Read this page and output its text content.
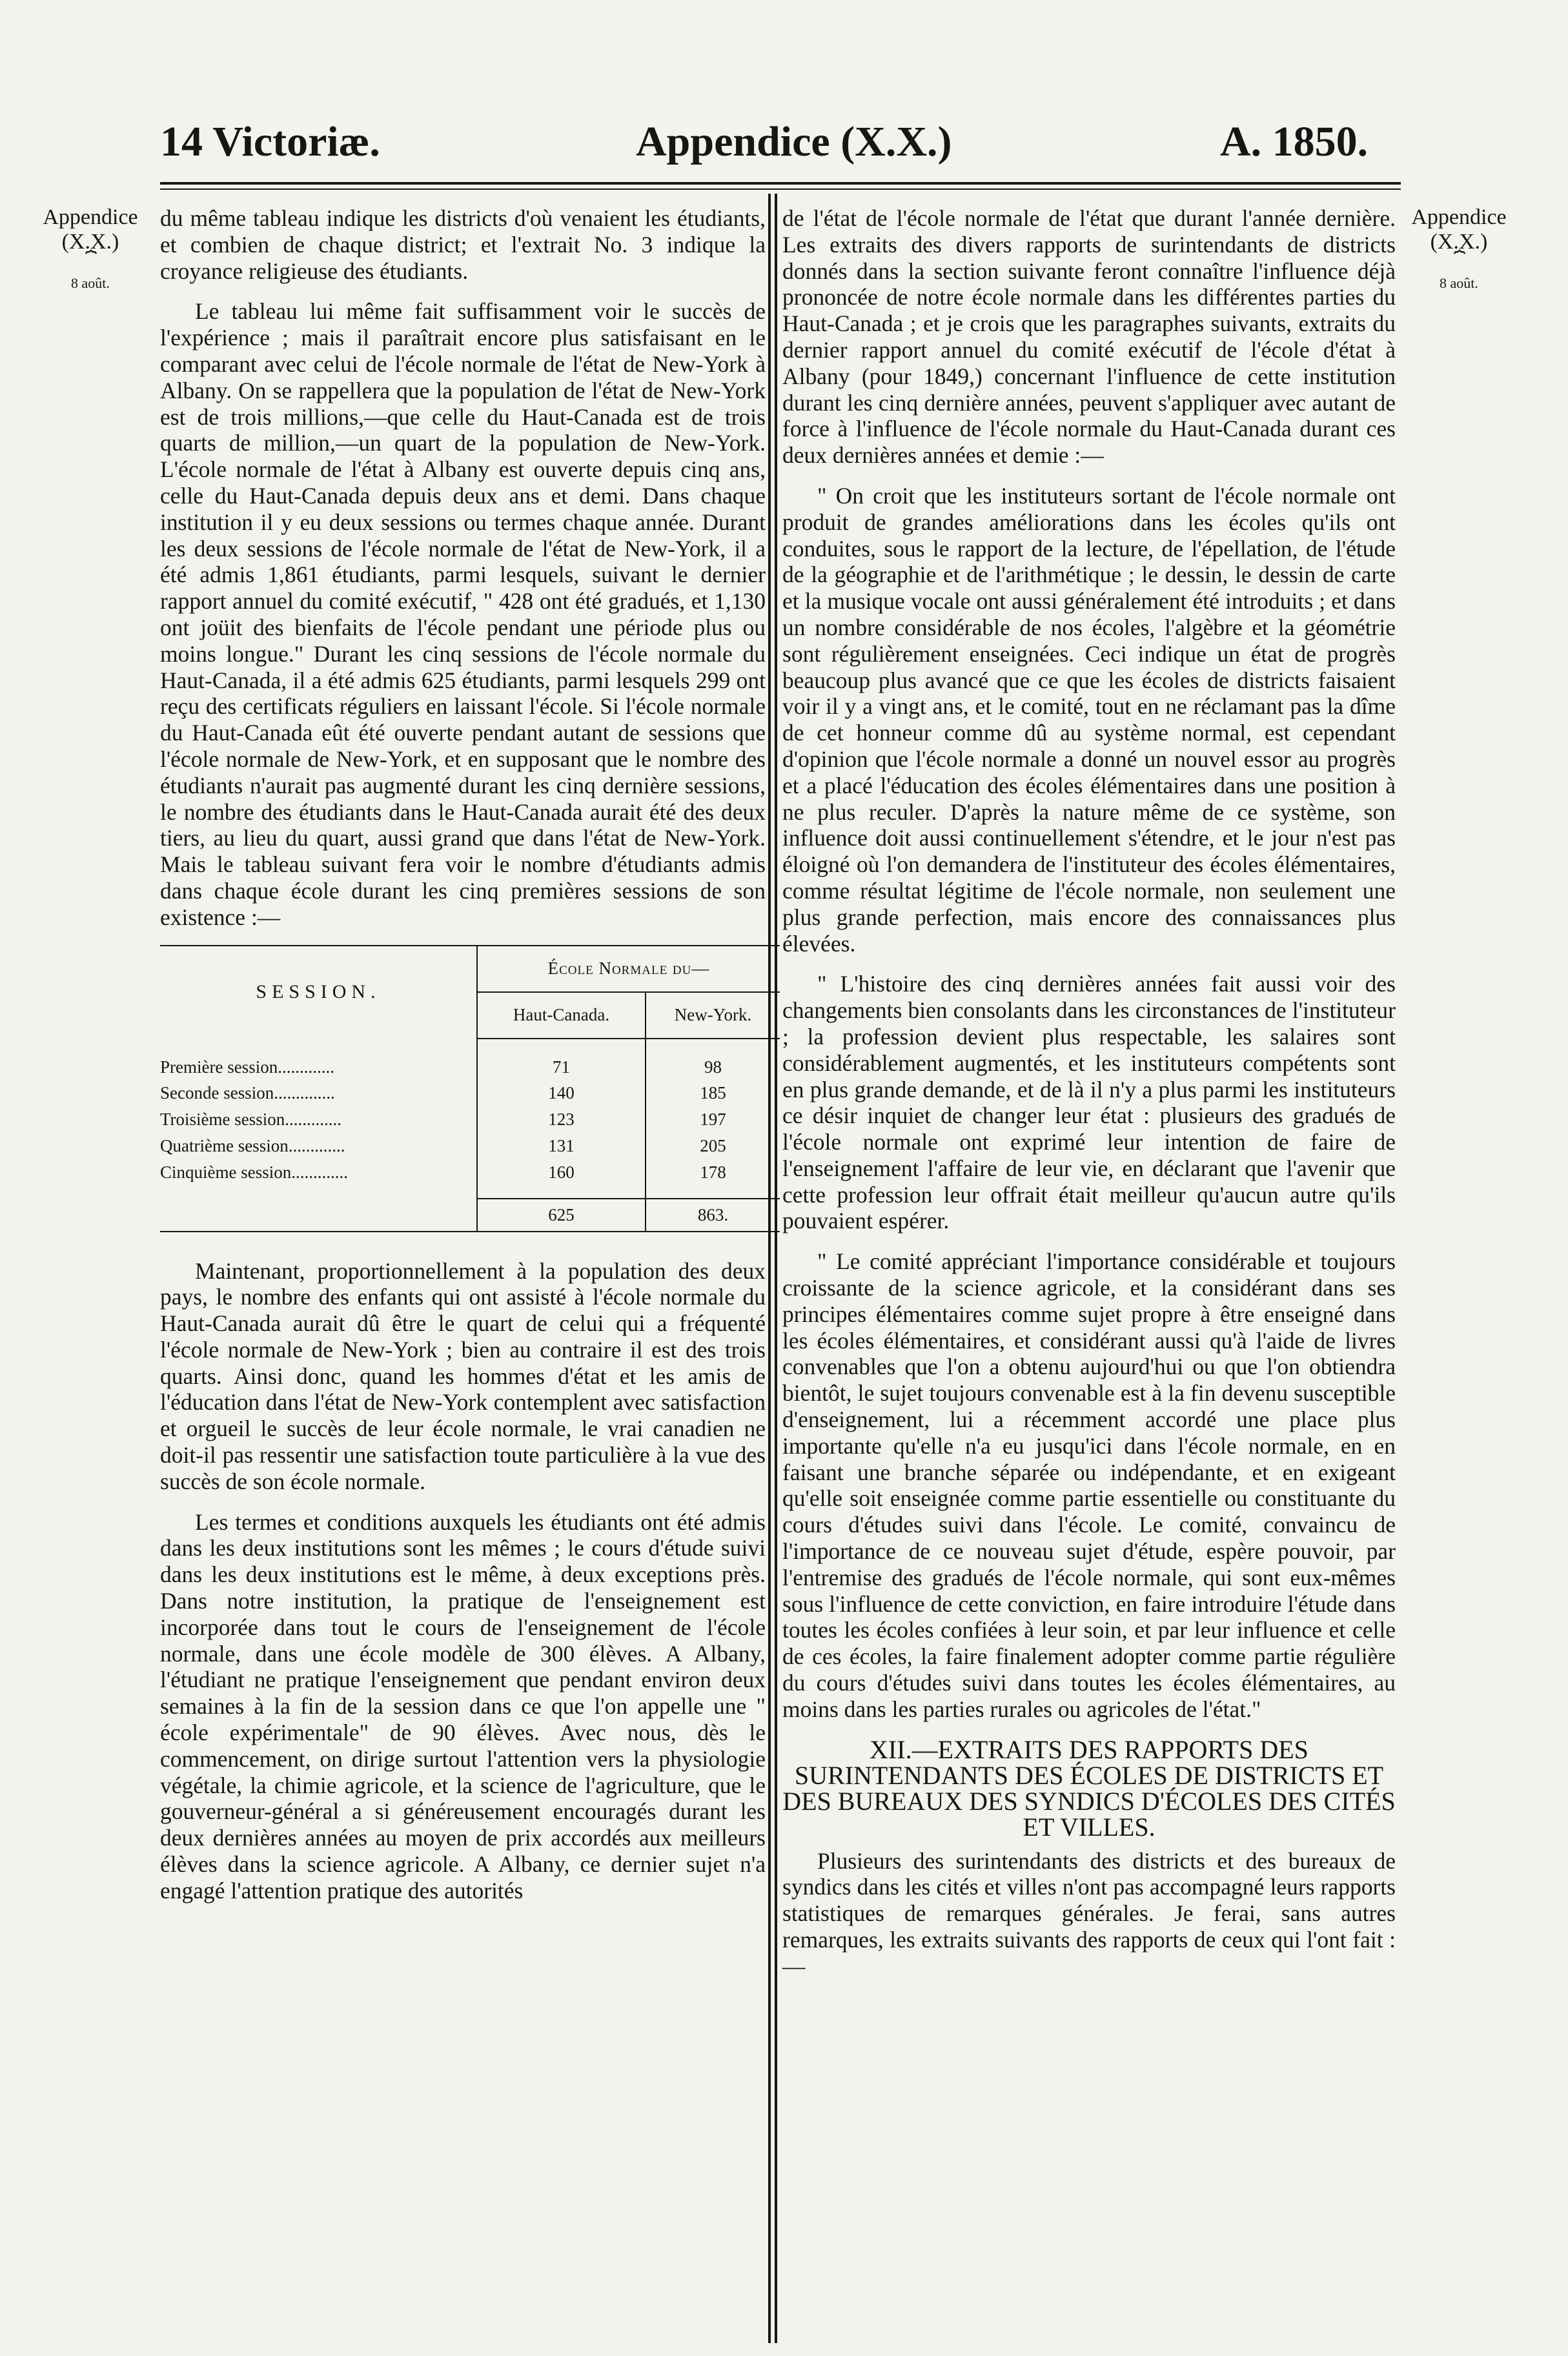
14 Victoriæ.	Appendice (X.X.)	A. 1850.
Appendice
(X.X.)
⏞
8 août.
Appendice
(X.X.)
⏞
8 août.

du même tableau indique les districts d'où venaient les étudiants, et combien de chaque district; et l'extrait No. 3 indique la croyance religieuse des étudiants.

Le tableau lui même fait suffisamment voir le succès de l'expérience ; mais il paraîtrait encore plus satisfaisant en le comparant avec celui de l'école normale de l'état de New-York à Albany. On se rappellera que la population de l'état de New-York est de trois millions,—que celle du Haut-Canada est de trois quarts de million,—un quart de la population de New-York. L'école normale de l'état à Albany est ouverte depuis cinq ans, celle du Haut-Canada depuis deux ans et demi. Dans chaque institution il y eu deux sessions ou termes chaque année. Durant les deux sessions de l'école normale de l'état de New-York, il a été admis 1,861 étudiants, parmi lesquels, suivant le dernier rapport annuel du comité exécutif, " 428 ont été gradués, et 1,130 ont joüit des bienfaits de l'école pendant une période plus ou moins longue." Durant les cinq sessions de l'école normale du Haut-Canada, il a été admis 625 étudiants, parmi lesquels 299 ont reçu des certificats réguliers en laissant l'école. Si l'école normale du Haut-Canada eût été ouverte pendant autant de sessions que l'école normale de New-York, et en supposant que le nombre des étudiants n'aurait pas augmenté durant les cinq dernière sessions, le nombre des étudiants dans le Haut-Canada aurait été des deux tiers, au lieu du quart, aussi grand que dans l'état de New-York. Mais le tableau suivant fera voir le nombre d'étudiants admis dans chaque école durant les cinq premières sessions de son existence :—

SESSION.	École Normale du—	
	Haut-Canada.	New-York.

Première session.............	71	98
Seconde session..............	140	185
Troisième session.............	123	197
Quatrième session.............	131	205
Cinquième session.............	160	178

	625	863.

Maintenant, proportionnellement à la population des deux pays, le nombre des enfants qui ont assisté à l'école normale du Haut-Canada aurait dû être le quart de celui qui a fréquenté l'école normale de New-York ; bien au contraire il est des trois quarts. Ainsi donc, quand les hommes d'état et les amis de l'éducation dans l'état de New-York contemplent avec satisfaction et orgueil le succès de leur école normale, le vrai canadien ne doit-il pas ressentir une satisfaction toute particulière à la vue des succès de son école normale.

Les termes et conditions auxquels les étudiants ont été admis dans les deux institutions sont les mêmes ; le cours d'étude suivi dans les deux institutions est le même, à deux exceptions près. Dans notre institution, la pratique de l'enseignement est incorporée dans tout le cours de l'enseignement de l'école normale, dans une école modèle de 300 élèves. A Albany, l'étudiant ne pratique l'enseignement que pendant environ deux semaines à la fin de la session dans ce que l'on appelle une " école expérimentale" de 90 élèves. Avec nous, dès le commencement, on dirige surtout l'attention vers la physiologie végétale, la chimie agricole, et la science de l'agriculture, que le gouverneur-général a si généreusement encouragés durant les deux dernières années au moyen de prix accordés aux meilleurs élèves dans la science agricole. A Albany, ce dernier sujet n'a engagé l'attention pratique des autorités

de l'état de l'école normale de l'état que durant l'année dernière. Les extraits des divers rapports de surintendants de districts donnés dans la section suivante feront connaître l'influence déjà prononcée de notre école normale dans les différentes parties du Haut-Canada ; et je crois que les paragraphes suivants, extraits du dernier rapport annuel du comité exécutif de l'école d'état à Albany (pour 1849,) concernant l'influence de cette institution durant les cinq dernière années, peuvent s'appliquer avec autant de force à l'influence de l'école normale du Haut-Canada durant ces deux dernières années et demie :—

" On croit que les instituteurs sortant de l'école normale ont produit de grandes améliorations dans les écoles qu'ils ont conduites, sous le rapport de la lecture, de l'épellation, de l'étude de la géographie et de l'arithmétique ; le dessin, le dessin de carte et la musique vocale ont aussi généralement été introduits ; et dans un nombre considérable de nos écoles, l'algèbre et la géométrie sont régulièrement enseignées. Ceci indique un état de progrès beaucoup plus avancé que ce que les écoles de districts faisaient voir il y a vingt ans, et le comité, tout en ne réclamant pas la dîme de cet honneur comme dû au système normal, est cependant d'opinion que l'école normale a donné un nouvel essor au progrès et a placé l'éducation des écoles élémentaires dans une position à ne plus reculer. D'après la nature même de ce système, son influence doit aussi continuellement s'étendre, et le jour n'est pas éloigné où l'on demandera de l'instituteur des écoles élémentaires, comme résultat légitime de l'école normale, non seulement une plus grande perfection, mais encore des connaissances plus élevées.

" L'histoire des cinq dernières années fait aussi voir des changements bien consolants dans les circonstances de l'instituteur ; la profession devient plus respectable, les salaires sont considérablement augmentés, et les instituteurs compétents sont en plus grande demande, et de là il n'y a plus parmi les instituteurs ce désir inquiet de changer leur état : plusieurs des gradués de l'école normale ont exprimé leur intention de faire de l'enseignement l'affaire de leur vie, en déclarant que l'avenir que cette profession leur offrait était meilleur qu'aucun autre qu'ils pouvaient espérer.

" Le comité appréciant l'importance considérable et toujours croissante de la science agricole, et la considérant dans ses principes élémentaires comme sujet propre à être enseigné dans les écoles élémentaires, et considérant aussi qu'à l'aide de livres convenables que l'on a obtenu aujourd'hui ou que l'on obtiendra bientôt, le sujet toujours convenable est à la fin devenu susceptible d'enseignement, lui a récemment accordé une place plus importante qu'elle n'a eu jusqu'ici dans l'école normale, en en faisant une branche séparée ou indépendante, et en exigeant qu'elle soit enseignée comme partie essentielle ou constituante du cours d'études suivi dans l'école. Le comité, convaincu de l'importance de ce nouveau sujet d'étude, espère pouvoir, par l'entremise des gradués de l'école normale, qui sont eux-mêmes sous l'influence de cette conviction, en faire introduire l'étude dans toutes les écoles confiées à leur soin, et par leur influence et celle de ces écoles, la faire finalement adopter comme partie régulière du cours d'études suivi dans toutes les écoles élémentaires, au moins dans les parties rurales ou agricoles de l'état."

XII.—EXTRAITS DES RAPPORTS DES SURINTENDANTS DES ÉCOLES DE DISTRICTS ET DES BUREAUX DES SYNDICS D'ÉCOLES DES CITÉS ET VILLES.

Plusieurs des surintendants des districts et des bureaux de syndics dans les cités et villes n'ont pas accompagné leurs rapports statistiques de remarques générales. Je ferai, sans autres remarques, les extraits suivants des rapports de ceux qui l'ont fait :—
